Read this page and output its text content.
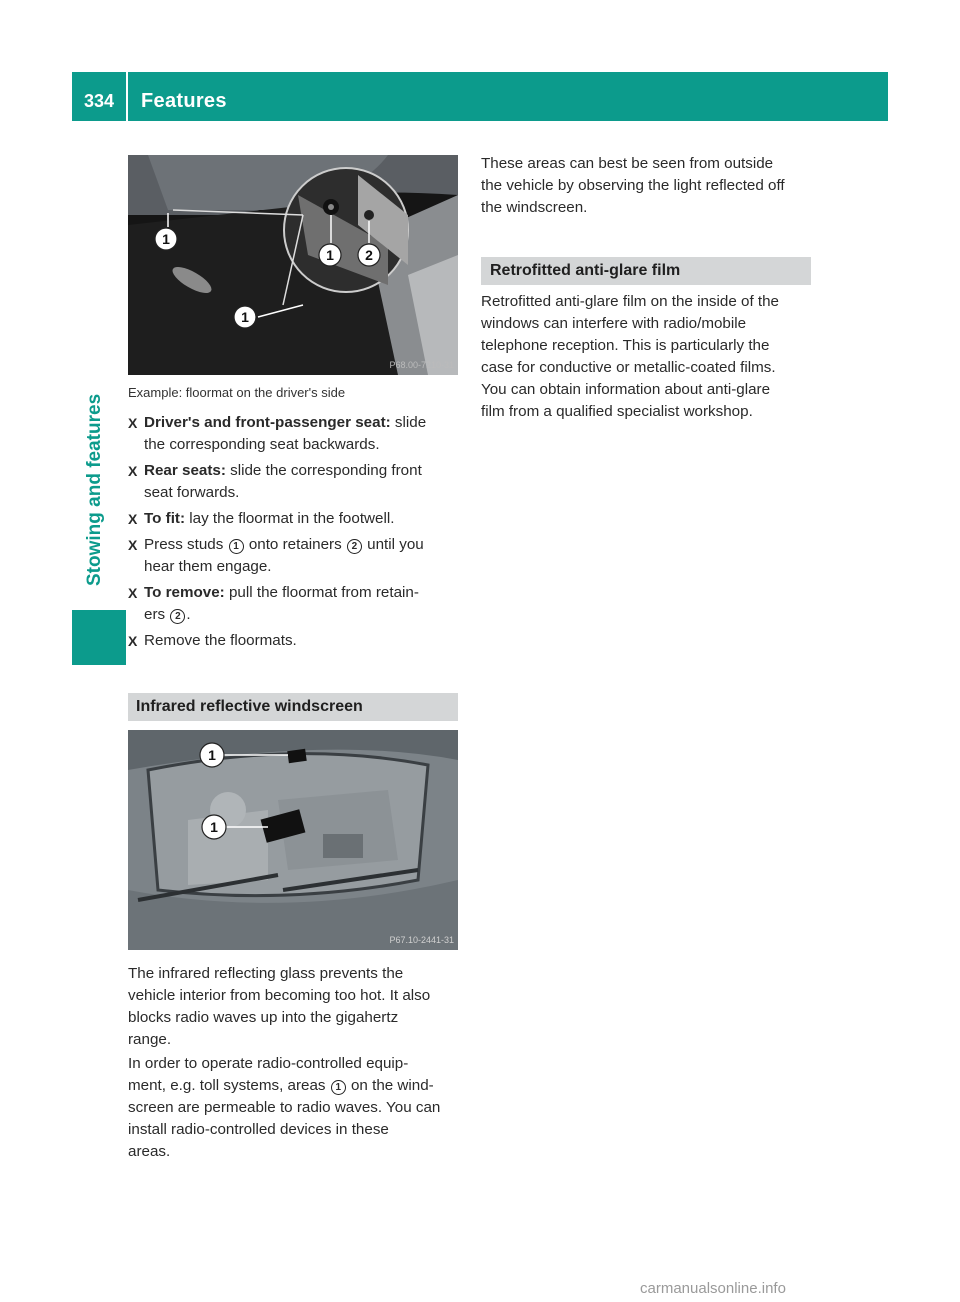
334	Features
Stowing and features
1
1 2
1
P68.00-7210-31
Example: floormat on the driver's side
X Driver's and front-passenger seat: slide
the corresponding seat backwards.
X Rear seats: slide the corresponding front
seat forwards.
X To fit: lay the floormat in the footwell.
X Press studs 1 onto retainers 2 until you
hear them engage.
X To remove: pull the floormat from retain-
ers 2 .
X Remove the floormats.
Infrared reflective windscreen
1
1
P67.10-2441-31
The infrared reflecting glass prevents the
vehicle interior from becoming too hot. It also
blocks radio waves up into the gigahertz
range.
In order to operate radio-controlled equip-
ment, e.g. toll systems, areas 1 on the wind-
screen are permeable to radio waves. You can
install radio-controlled devices in these
areas.
These areas can best be seen from outside
the vehicle by observing the light reflected off
the windscreen.
Retrofitted anti-glare film
Retrofitted anti-glare film on the inside of the
windows can interfere with radio/mobile
telephone reception. This is particularly the
case for conductive or metallic-coated films.
You can obtain information about anti-glare
film from a qualified specialist workshop.
carmanualsonline.info
